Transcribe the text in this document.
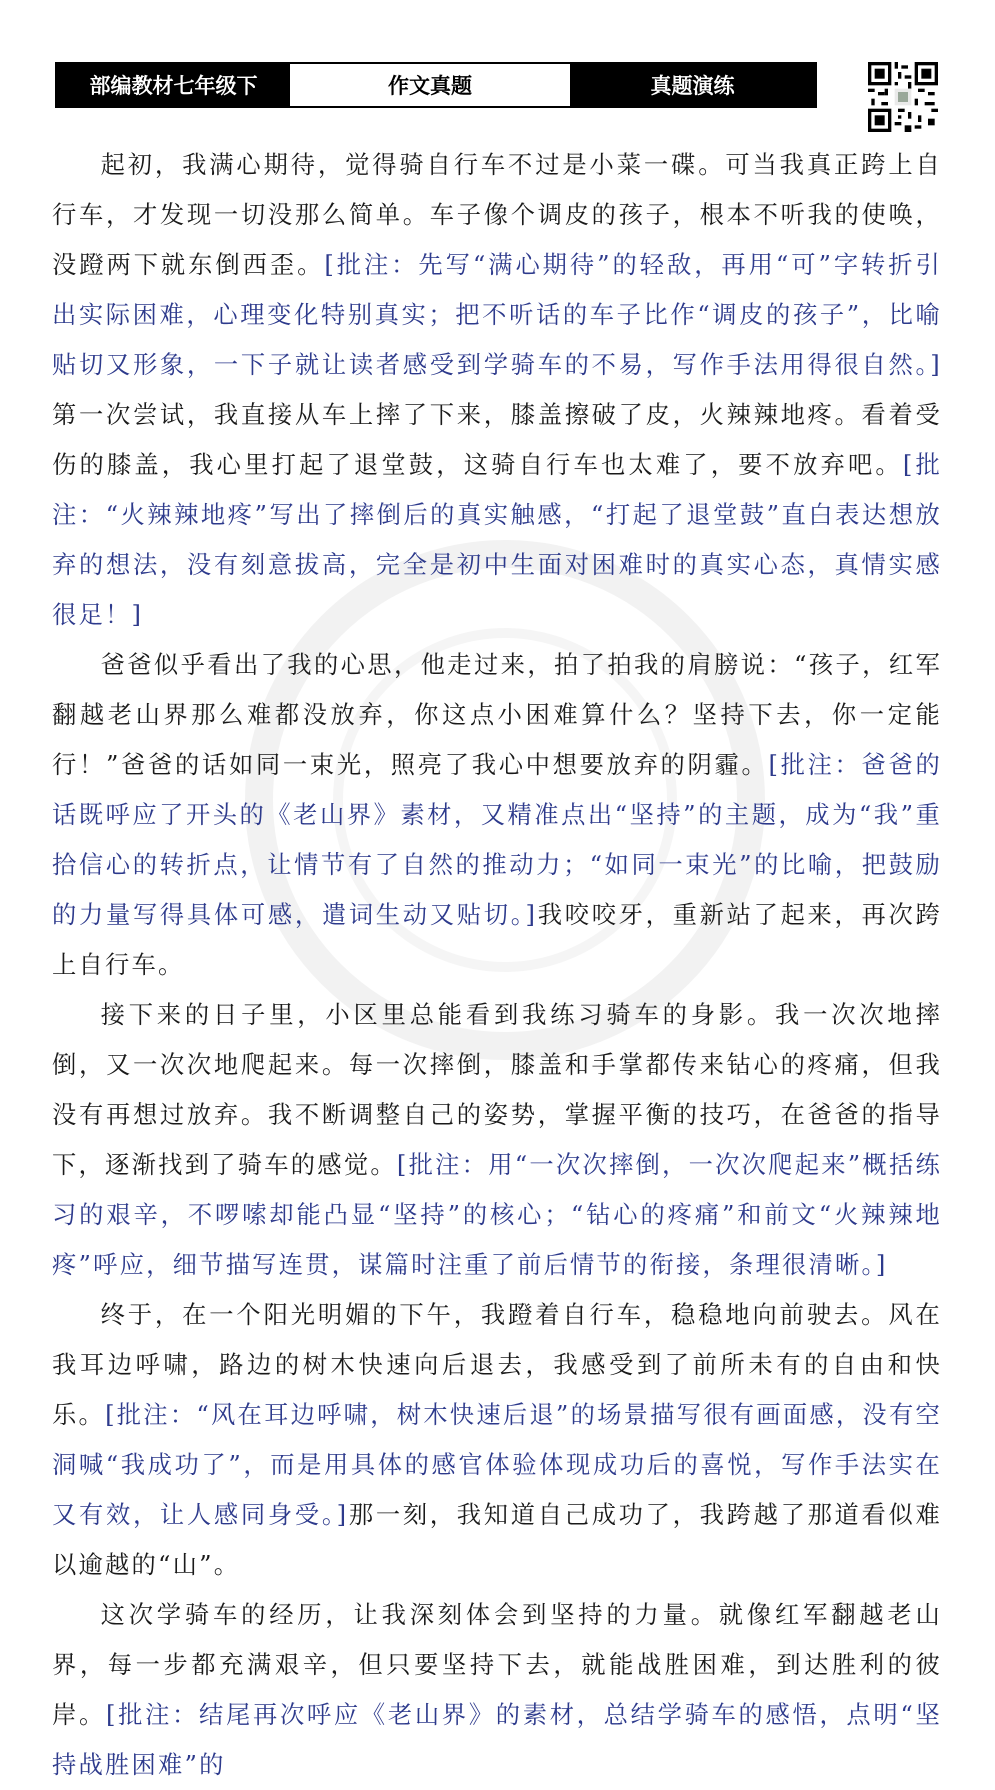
部编教材七年级下	作文真题	真题演练

起初，我满心期待，觉得骑自行车不过是小菜一碟。可当我真正跨上自行车，才发现一切没那么简单。车子像个调皮的孩子，根本不听我的使唤，没蹬两下就东倒西歪。[批注：先写“满心期待”的轻敌，再用“可”字转折引出实际困难，心理变化特别真实；把不听话的车子比作“调皮的孩子”，比喻贴切又形象，一下子就让读者感受到学骑车的不易，写作手法用得很自然。]第一次尝试，我直接从车上摔了下来，膝盖擦破了皮，火辣辣地疼。看着受伤的膝盖，我心里打起了退堂鼓，这骑自行车也太难了，要不放弃吧。[批注：“火辣辣地疼”写出了摔倒后的真实触感，“打起了退堂鼓”直白表达想放弃的想法，没有刻意拔高，完全是初中生面对困难时的真实心态，真情实感很足！]

爸爸似乎看出了我的心思，他走过来，拍了拍我的肩膀说：“孩子，红军翻越老山界那么难都没放弃，你这点小困难算什么？坚持下去，你一定能行！”爸爸的话如同一束光，照亮了我心中想要放弃的阴霾。[批注：爸爸的话既呼应了开头的《老山界》素材，又精准点出“坚持”的主题，成为“我”重拾信心的转折点，让情节有了自然的推动力；“如同一束光”的比喻，把鼓励的力量写得具体可感，遣词生动又贴切。]我咬咬牙，重新站了起来，再次跨上自行车。

接下来的日子里，小区里总能看到我练习骑车的身影。我一次次地摔倒，又一次次地爬起来。每一次摔倒，膝盖和手掌都传来钻心的疼痛，但我没有再想过放弃。我不断调整自己的姿势，掌握平衡的技巧，在爸爸的指导下，逐渐找到了骑车的感觉。[批注：用“一次次摔倒，一次次爬起来”概括练习的艰辛，不啰嗦却能凸显“坚持”的核心；“钻心的疼痛”和前文“火辣辣地疼”呼应，细节描写连贯，谋篇时注重了前后情节的衔接，条理很清晰。]

终于，在一个阳光明媚的下午，我蹬着自行车，稳稳地向前驶去。风在我耳边呼啸，路边的树木快速向后退去，我感受到了前所未有的自由和快乐。[批注：“风在耳边呼啸，树木快速后退”的场景描写很有画面感，没有空洞喊“我成功了”，而是用具体的感官体验体现成功后的喜悦，写作手法实在又有效，让人感同身受。]那一刻，我知道自己成功了，我跨越了那道看似难以逾越的“山”。

这次学骑车的经历，让我深刻体会到坚持的力量。就像红军翻越老山界，每一步都充满艰辛，但只要坚持下去，就能战胜困难，到达胜利的彼岸。[批注：结尾再次呼应《老山界》的素材，总结学骑车的感悟，点明“坚持战胜困难”的
